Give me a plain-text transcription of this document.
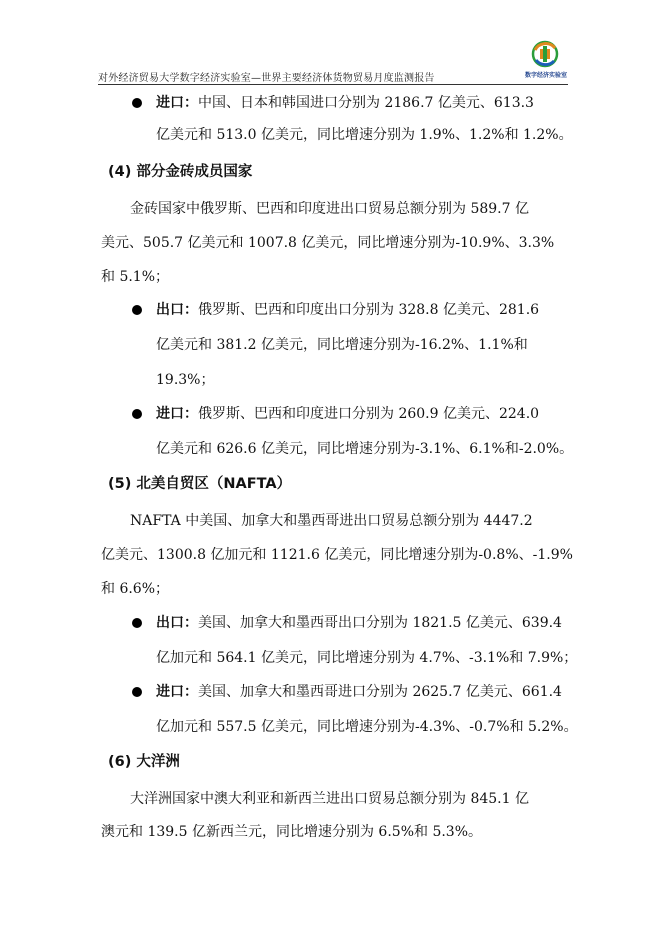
对外经济贸易大学数字经济实验室—世界主要经济体货物贸易月度监测报告	数字经济实验室
进口：中国、日本和韩国进口分别为 2186.7 亿美元、613.3
亿美元和 513.0 亿美元，同比增速分别为 1.9%、1.2%和 1.2%。
(4) 部分金砖成员国家
金砖国家中俄罗斯、巴西和印度进出口贸易总额分别为 589.7 亿
美元、505.7 亿美元和 1007.8 亿美元，同比增速分别为-10.9%、3.3%
和 5.1%；
出口：俄罗斯、巴西和印度出口分别为 328.8 亿美元、281.6
亿美元和 381.2 亿美元，同比增速分别为-16.2%、1.1%和
19.3%；
进口：俄罗斯、巴西和印度进口分别为 260.9 亿美元、224.0
亿美元和 626.6 亿美元，同比增速分别为-3.1%、6.1%和-2.0%。
(5) 北美自贸区（NAFTA）
NAFTA 中美国、加拿大和墨西哥进出口贸易总额分别为 4447.2
亿美元、1300.8 亿加元和 1121.6 亿美元，同比增速分别为-0.8%、-1.9%
和 6.6%；
出口：美国、加拿大和墨西哥出口分别为 1821.5 亿美元、639.4
亿加元和 564.1 亿美元，同比增速分别为 4.7%、-3.1%和 7.9%；
进口：美国、加拿大和墨西哥进口分别为 2625.7 亿美元、661.4
亿加元和 557.5 亿美元，同比增速分别为-4.3%、-0.7%和 5.2%。
(6) 大洋洲
大洋洲国家中澳大利亚和新西兰进出口贸易总额分别为 845.1 亿
澳元和 139.5 亿新西兰元，同比增速分别为 6.5%和 5.3%。
